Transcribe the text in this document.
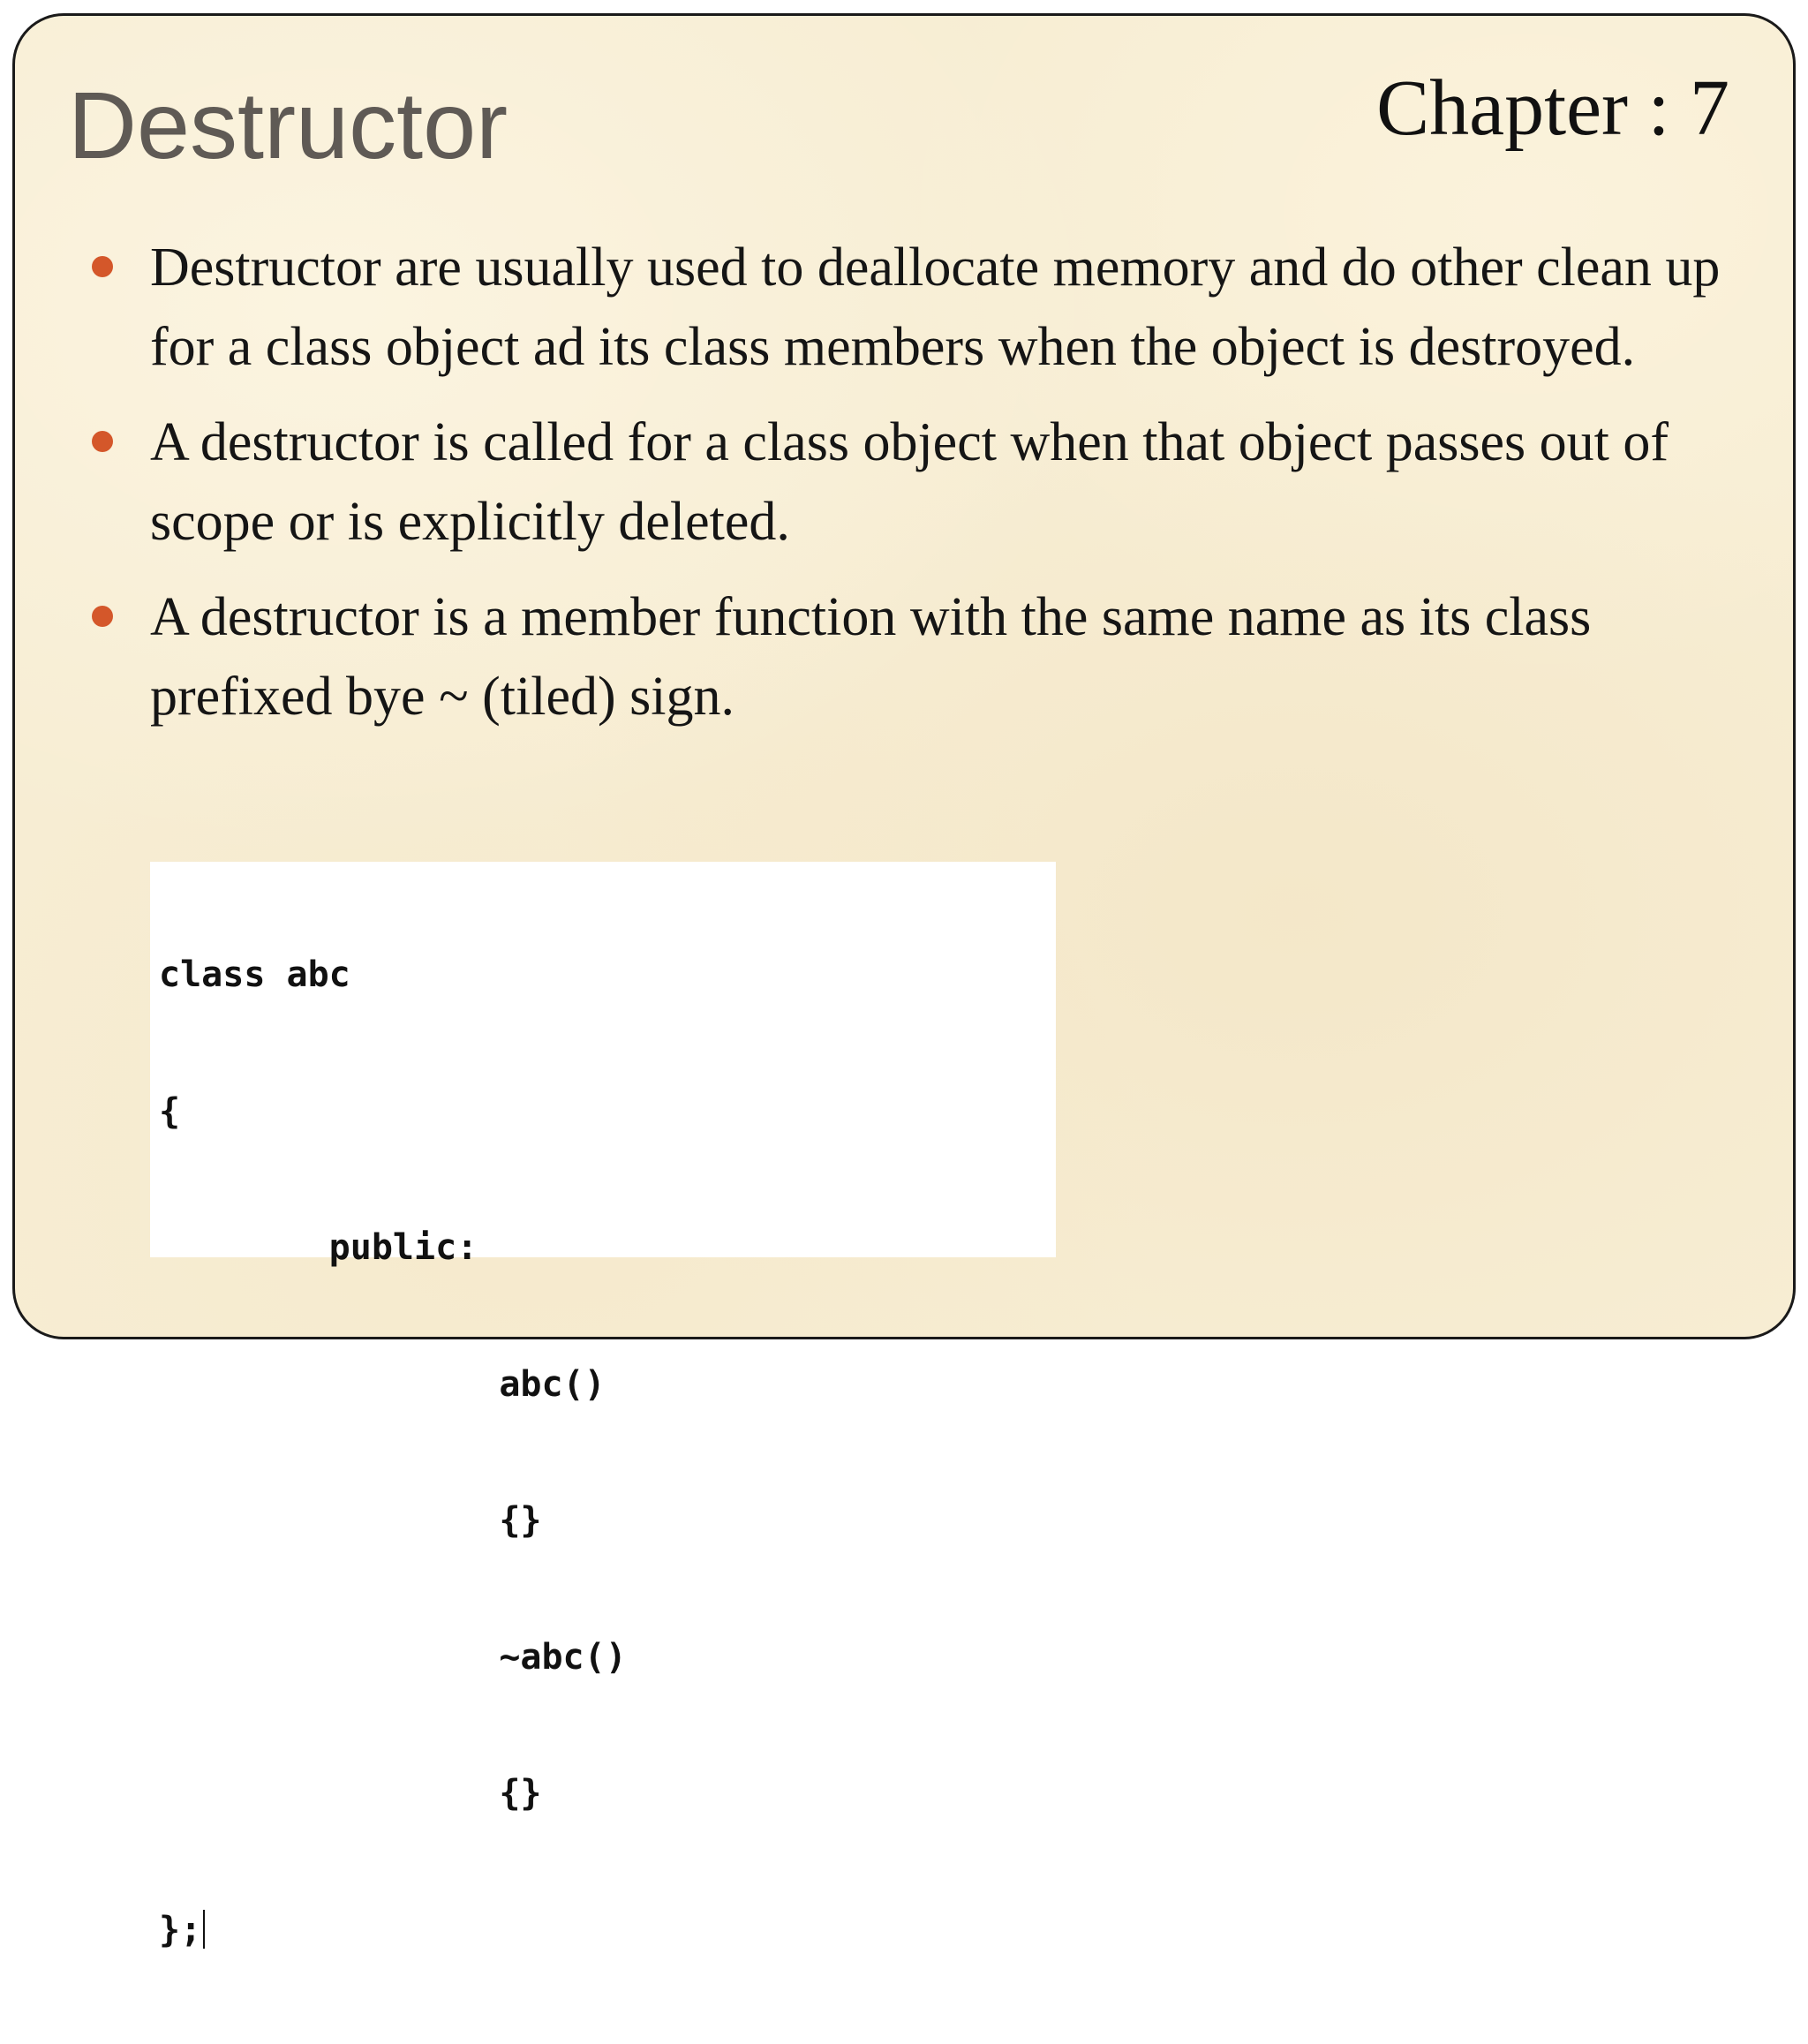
Destructor	Chapter : 7
Destructor are usually used to deallocate memory and do other clean up for a class object ad its class members when the object is destroyed.
A destructor is called for a class object when that object passes out of scope or is explicitly deleted.
A destructor is a member function with the same name as its class prefixed bye ~ (tiled) sign.

class abc

{

public:

abc()

{}

~abc()

{}

};
